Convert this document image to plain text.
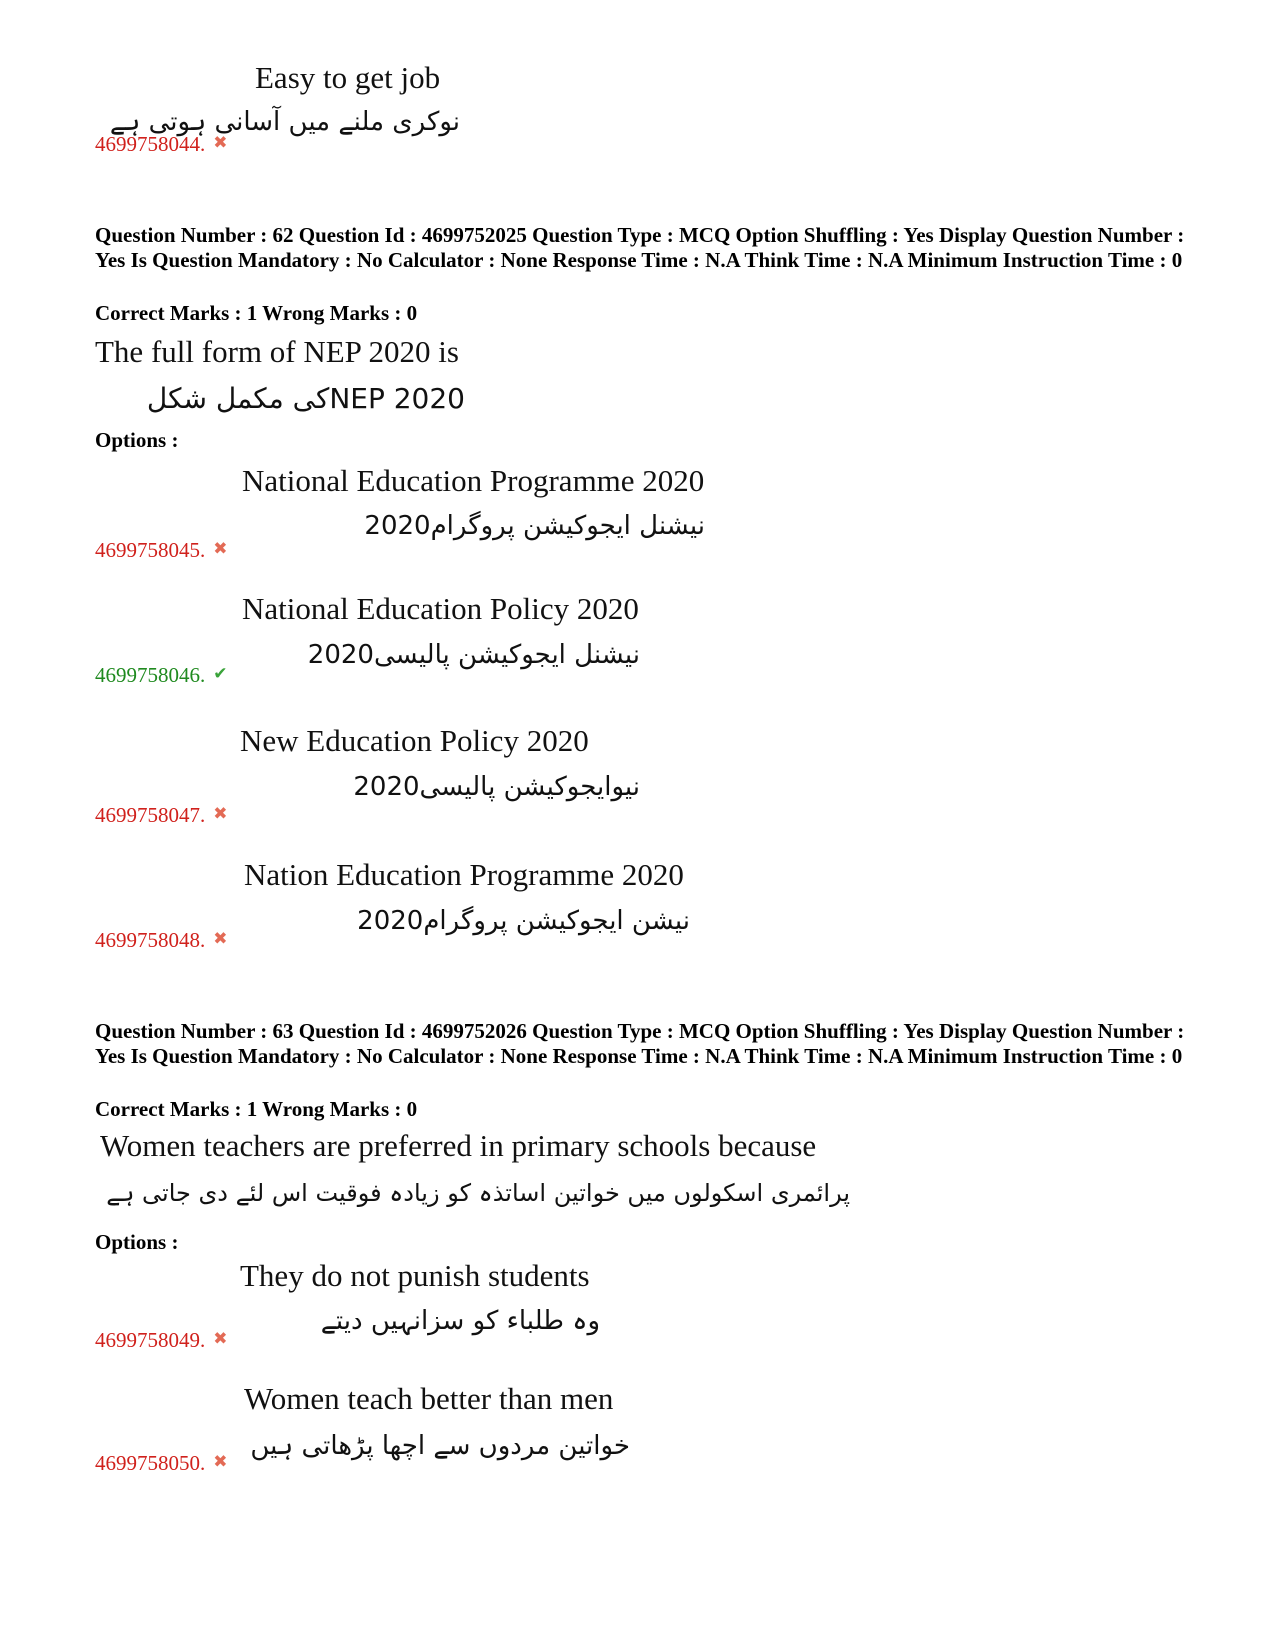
Easy to get job
نوکری ملنے میں آسانی ہوتی ہے
4699758044. ✖
Question Number : 62 Question Id : 4699752025 Question Type : MCQ Option Shuffling : Yes Display Question Number : Yes Is Question Mandatory : No Calculator : None Response Time : N.A Think Time : N.A Minimum Instruction Time : 0
Correct Marks : 1 Wrong Marks : 0
The full form of NEP 2020 is
NEP 2020کی مکمل شکل
Options :
National Education Programme 2020
نیشنل ایجوکیشن پروگرام2020
4699758045. ✖
National Education Policy 2020
نیشنل ایجوکیشن پالیسی2020
4699758046. ✔
New Education Policy 2020
نیوایجوکیشن پالیسی2020
4699758047. ✖
Nation Education Programme 2020
نیشن ایجوکیشن پروگرام2020
4699758048. ✖
Question Number : 63 Question Id : 4699752026 Question Type : MCQ Option Shuffling : Yes Display Question Number : Yes Is Question Mandatory : No Calculator : None Response Time : N.A Think Time : N.A Minimum Instruction Time : 0
Correct Marks : 1 Wrong Marks : 0
Women teachers are preferred in primary schools because
پرائمری اسکولوں میں خواتین اساتذہ کو زیادہ فوقیت اس لئے دی جاتی ہے
Options :
They do not punish students
وہ طلباء کو سزانہیں دیتے
4699758049. ✖
Women teach better than men
خواتین مردوں سے اچھا پڑھاتی ہیں
4699758050. ✖
